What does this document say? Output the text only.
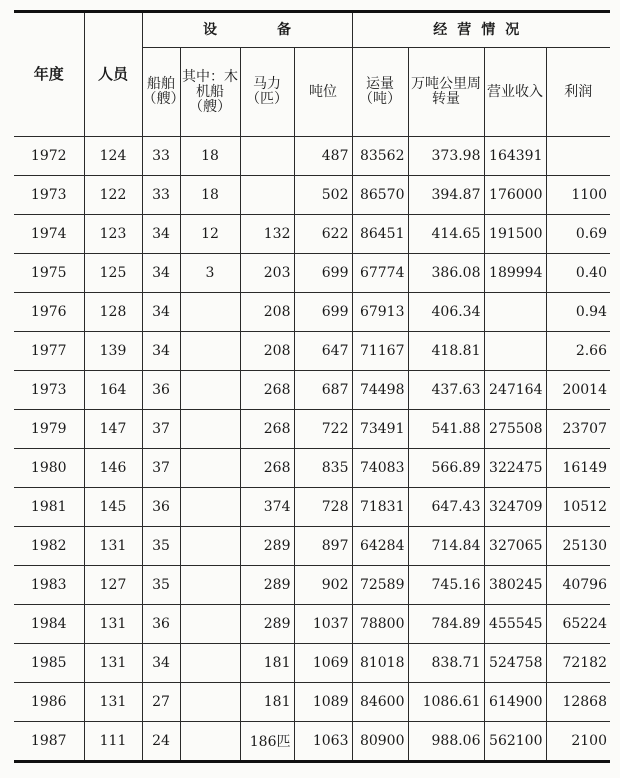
年度	人员	设备				经营情况			
		船舶（艘）	其中：木机船（艘）	马力（匹）	吨位	运量（吨）	万吨公里周转量	营业收入	利润
1972	124	33	18		487	83562	373.98	164391	
1973	122	33	18		502	86570	394.87	176000	1100
1974	123	34	12	132	622	86451	414.65	191500	0.69
1975	125	34	3	203	699	67774	386.08	189994	0.40
1976	128	34		208	699	67913	406.34		0.94
1977	139	34		208	647	71167	418.81		2.66
1973	164	36		268	687	74498	437.63	247164	20014
1979	147	37		268	722	73491	541.88	275508	23707
1980	146	37		268	835	74083	566.89	322475	16149
1981	145	36		374	728	71831	647.43	324709	10512
1982	131	35		289	897	64284	714.84	327065	25130
1983	127	35		289	902	72589	745.16	380245	40796
1984	131	36		289	1037	78800	784.89	455545	65224
1985	131	34		181	1069	81018	838.71	524758	72182
1986	131	27		181	1089	84600	1086.61	614900	12868
1987	111	24		186匹	1063	80900	988.06	562100	2100
